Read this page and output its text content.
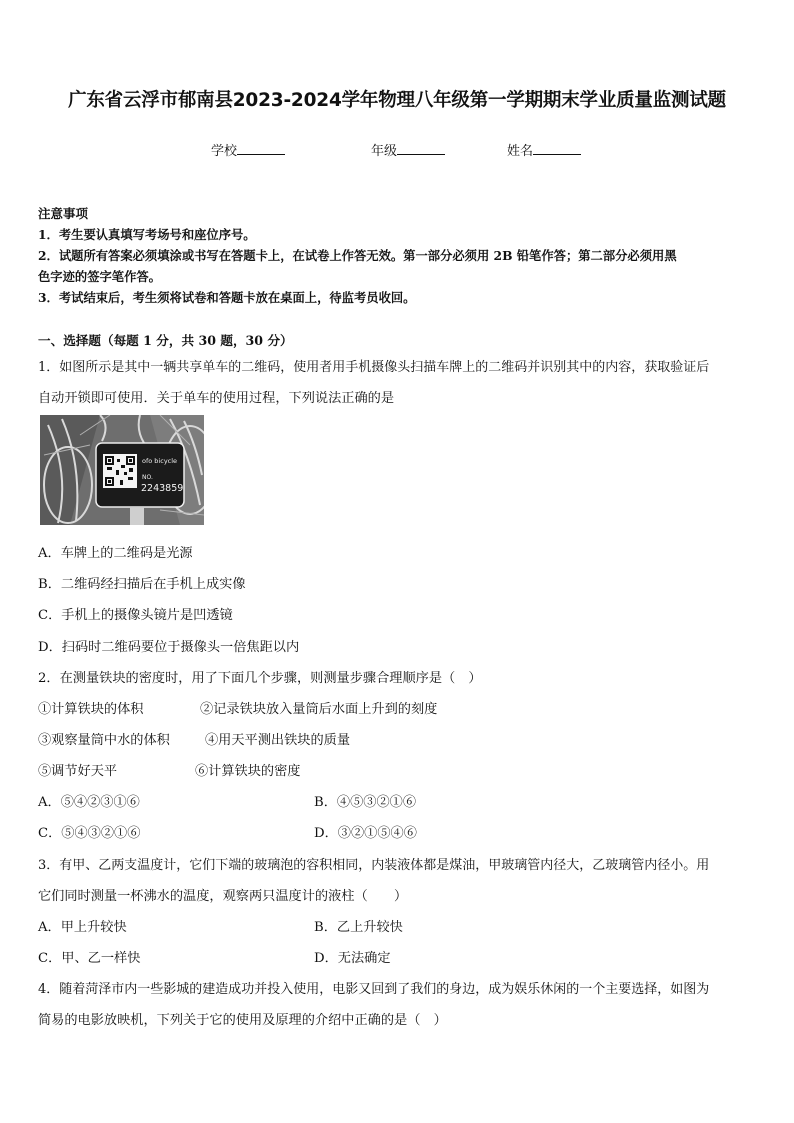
广东省云浮市郁南县2023-2024学年物理八年级第一学期期末学业质量监测试题
学校	年级	姓名
注意事项
1．考生要认真填写考场号和座位序号。
2．试题所有答案必须填涂或书写在答题卡上，在试卷上作答无效。第一部分必须用 2B 铅笔作答；第二部分必须用黑
色字迹的签字笔作答。
3．考试结束后，考生须将试卷和答题卡放在桌面上，待监考员收回。
一、选择题（每题 1 分，共 30 题，30 分）
1．如图所示是其中一辆共享单车的二维码，使用者用手机摄像头扫描车牌上的二维码并识别其中的内容，获取验证后
自动开锁即可使用．关于单车的使用过程，下列说法正确的是
ofo bicycle
NO.
2243859
A．车牌上的二维码是光源
B．二维码经扫描后在手机上成实像
C．手机上的摄像头镜片是凹透镜
D．扫码时二维码要位于摄像头一倍焦距以内
2．在测量铁块的密度时，用了下面几个步骤，则测量步骤合理顺序是（　）
①计算铁块的体积	②记录铁块放入量筒后水面上升到的刻度
③观察量筒中水的体积	④用天平测出铁块的质量
⑤调节好天平	⑥计算铁块的密度
A．⑤④②③①⑥	B．④⑤③②①⑥
C．⑤④③②①⑥	D．③②①⑤④⑥
3．有甲、乙两支温度计，它们下端的玻璃泡的容积相同，内装液体都是煤油，甲玻璃管内径大，乙玻璃管内径小。用
它们同时测量一杯沸水的温度，观察两只温度计的液柱（　　）
A．甲上升较快	B．乙上升较快
C．甲、乙一样快	D．无法确定
4．随着菏泽市内一些影城的建造成功并投入使用，电影又回到了我们的身边，成为娱乐休闲的一个主要选择，如图为
简易的电影放映机，下列关于它的使用及原理的介绍中正确的是（　）
